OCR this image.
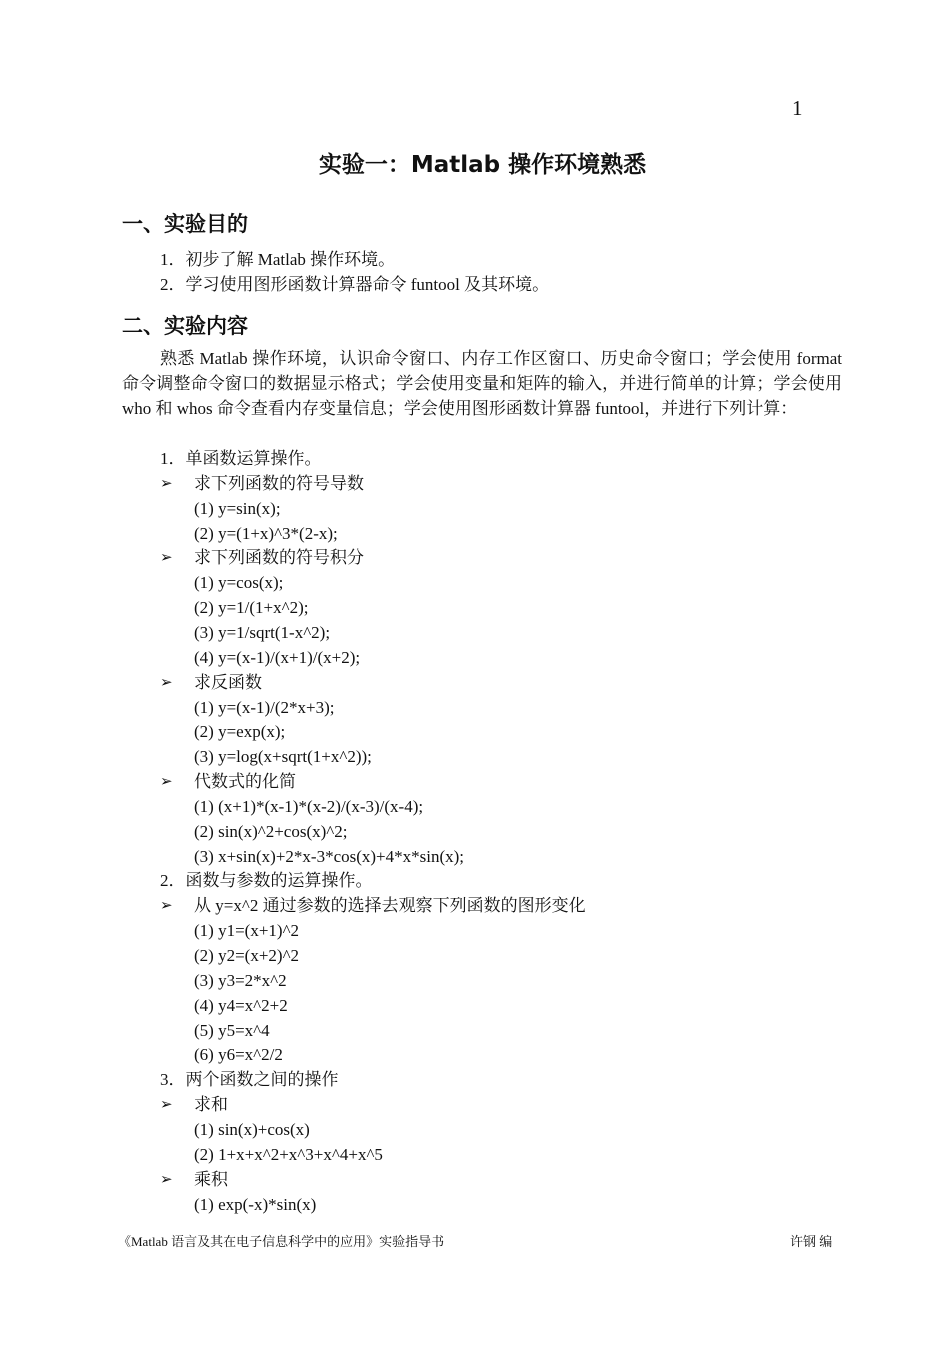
1
实验一：Matlab 操作环境熟悉
一、实验目的
1．初步了解 Matlab 操作环境。
2．学习使用图形函数计算器命令 funtool 及其环境。
二、实验内容

熟悉 Matlab 操作环境，认识命令窗口、内存工作区窗口、历史命令窗口；学会使用 format 命令调整命令窗口的数据显示格式；学会使用变量和矩阵的输入，并进行简单的计算；学会使用 who 和 whos 命令查看内存变量信息；学会使用图形函数计算器 funtool，并进行下列计算：

1．单函数运算操作。
➢ 求下列函数的符号导数
(1) y=sin(x);
(2) y=(1+x)^3*(2-x);
➢ 求下列函数的符号积分
(1) y=cos(x);
(2) y=1/(1+x^2);
(3) y=1/sqrt(1-x^2);
(4) y=(x-1)/(x+1)/(x+2);
➢ 求反函数
(1) y=(x-1)/(2*x+3);
(2) y=exp(x);
(3) y=log(x+sqrt(1+x^2));
➢ 代数式的化简
(1) (x+1)*(x-1)*(x-2)/(x-3)/(x-4);
(2) sin(x)^2+cos(x)^2;
(3) x+sin(x)+2*x-3*cos(x)+4*x*sin(x);
2．函数与参数的运算操作。
➢ 从 y=x^2 通过参数的选择去观察下列函数的图形变化
(1) y1=(x+1)^2
(2) y2=(x+2)^2
(3) y3=2*x^2
(4) y4=x^2+2
(5) y5=x^4
(6) y6=x^2/2
3．两个函数之间的操作
➢ 求和
(1) sin(x)+cos(x)
(2) 1+x+x^2+x^3+x^4+x^5
➢ 乘积
(1) exp(-x)*sin(x)
《Matlab 语言及其在电子信息科学中的应用》实验指导书	许钢 编
